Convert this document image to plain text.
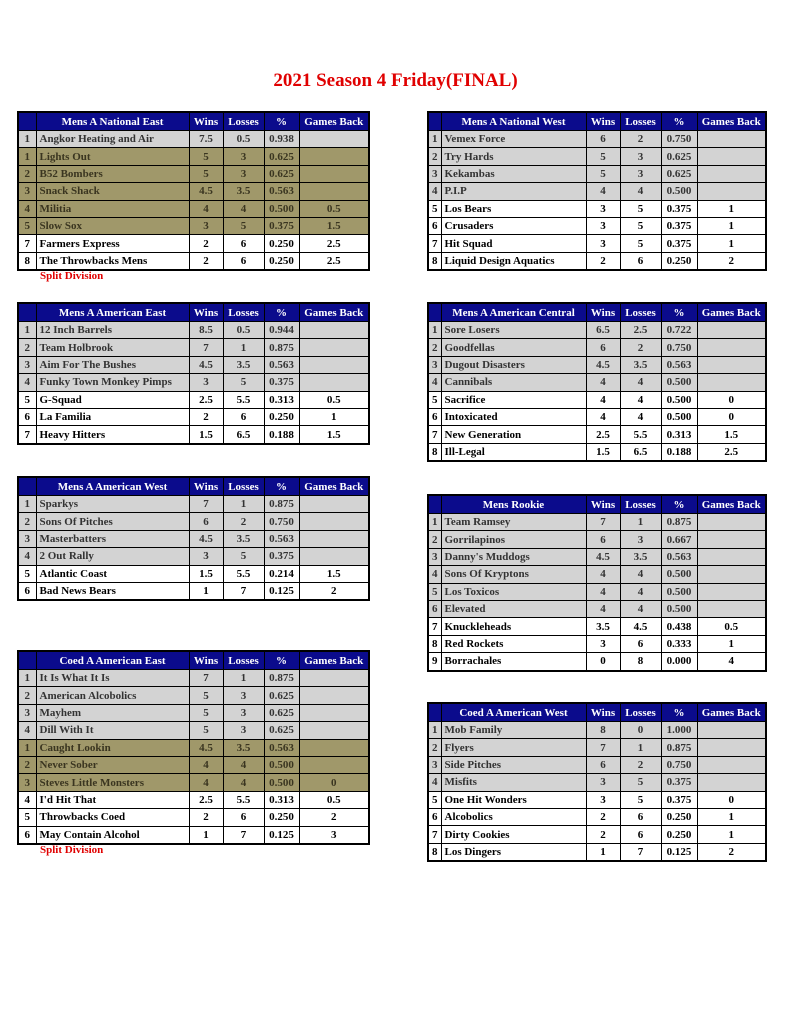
2021 Season 4 Friday(FINAL)
	Mens A National East	Wins	Losses	%	Games Back
1	Angkor Heating and Air	7.5	0.5	0.938	
1	Lights Out	5	3	0.625	
2	B52 Bombers	5	3	0.625	
3	Snack Shack	4.5	3.5	0.563	
4	Militia	4	4	0.500	0.5
5	Slow Sox	3	5	0.375	1.5
7	Farmers Express	2	6	0.250	2.5
8	The Throwbacks Mens	2	6	0.250	2.5
Split Division
	Mens A National West	Wins	Losses	%	Games Back
1	Vemex Force	6	2	0.750	
2	Try Hards	5	3	0.625	
3	Kekambas	5	3	0.625	
4	P.I.P	4	4	0.500	
5	Los Bears	3	5	0.375	1
6	Crusaders	3	5	0.375	1
7	Hit Squad	3	5	0.375	1
8	Liquid Design Aquatics	2	6	0.250	2
	Mens A American East	Wins	Losses	%	Games Back
1	12 Inch Barrels	8.5	0.5	0.944	
2	Team Holbrook	7	1	0.875	
3	Aim For The Bushes	4.5	3.5	0.563	
4	Funky Town Monkey Pimps	3	5	0.375	
5	G-Squad	2.5	5.5	0.313	0.5
6	La Familia	2	6	0.250	1
7	Heavy Hitters	1.5	6.5	0.188	1.5
	Mens A American Central	Wins	Losses	%	Games Back
1	Sore Losers	6.5	2.5	0.722	
2	Goodfellas	6	2	0.750	
3	Dugout Disasters	4.5	3.5	0.563	
4	Cannibals	4	4	0.500	
5	Sacrifice	4	4	0.500	0
6	Intoxicated	4	4	0.500	0
7	New Generation	2.5	5.5	0.313	1.5
8	Ill-Legal	1.5	6.5	0.188	2.5
	Mens A American West	Wins	Losses	%	Games Back
1	Sparkys	7	1	0.875	
2	Sons Of Pitches	6	2	0.750	
3	Masterbatters	4.5	3.5	0.563	
4	2 Out Rally	3	5	0.375	
5	Atlantic Coast	1.5	5.5	0.214	1.5
6	Bad News Bears	1	7	0.125	2
	Mens Rookie	Wins	Losses	%	Games Back
1	Team Ramsey	7	1	0.875	
2	Gorrilapinos	6	3	0.667	
3	Danny's Muddogs	4.5	3.5	0.563	
4	Sons Of Kryptons	4	4	0.500	
5	Los Toxicos	4	4	0.500	
6	Elevated	4	4	0.500	
7	Knuckleheads	3.5	4.5	0.438	0.5
8	Red Rockets	3	6	0.333	1
9	Borrachales	0	8	0.000	4
	Coed A American East	Wins	Losses	%	Games Back
1	It Is What It Is	7	1	0.875	
2	American Alcobolics	5	3	0.625	
3	Mayhem	5	3	0.625	
4	Dill With It	5	3	0.625	
1	Caught Lookin	4.5	3.5	0.563	
2	Never Sober	4	4	0.500	
3	Steves Little Monsters	4	4	0.500	0
4	I'd Hit That	2.5	5.5	0.313	0.5
5	Throwbacks Coed	2	6	0.250	2
6	May Contain Alcohol	1	7	0.125	3
Split Division
	Coed A American West	Wins	Losses	%	Games Back
1	Mob Family	8	0	1.000	
2	Flyers	7	1	0.875	
3	Side Pitches	6	2	0.750	
4	Misfits	3	5	0.375	
5	One Hit Wonders	3	5	0.375	0
6	Alcobolics	2	6	0.250	1
7	Dirty Cookies	2	6	0.250	1
8	Los Dingers	1	7	0.125	2
